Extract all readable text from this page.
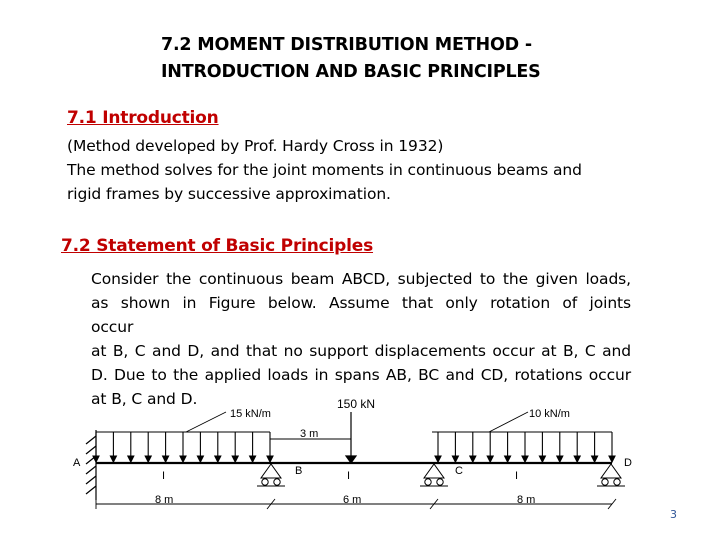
7.2 MOMENT DISTRIBUTION METHOD -
INTRODUCTION AND BASIC PRINCIPLES
7.1 Introduction
(Method developed by Prof. Hardy Cross in 1932)
The method solves for the joint moments in continuous beams and
rigid frames by successive approximation.
7.2 Statement of Basic Principles
Consider the continuous beam ABCD, subjected to the given loads,
as shown in Figure below. Assume that only rotation of joints
occur
at B, C and D, and that no support displacements occur at B, C and
D. Due to the applied loads in spans AB, BC and CD, rotations occur
at B, C and D.
15 kN/m
150 kN
10 kN/m
3 m
A
B	C
D
I	I	I
8 m	6 m	8 m
3
